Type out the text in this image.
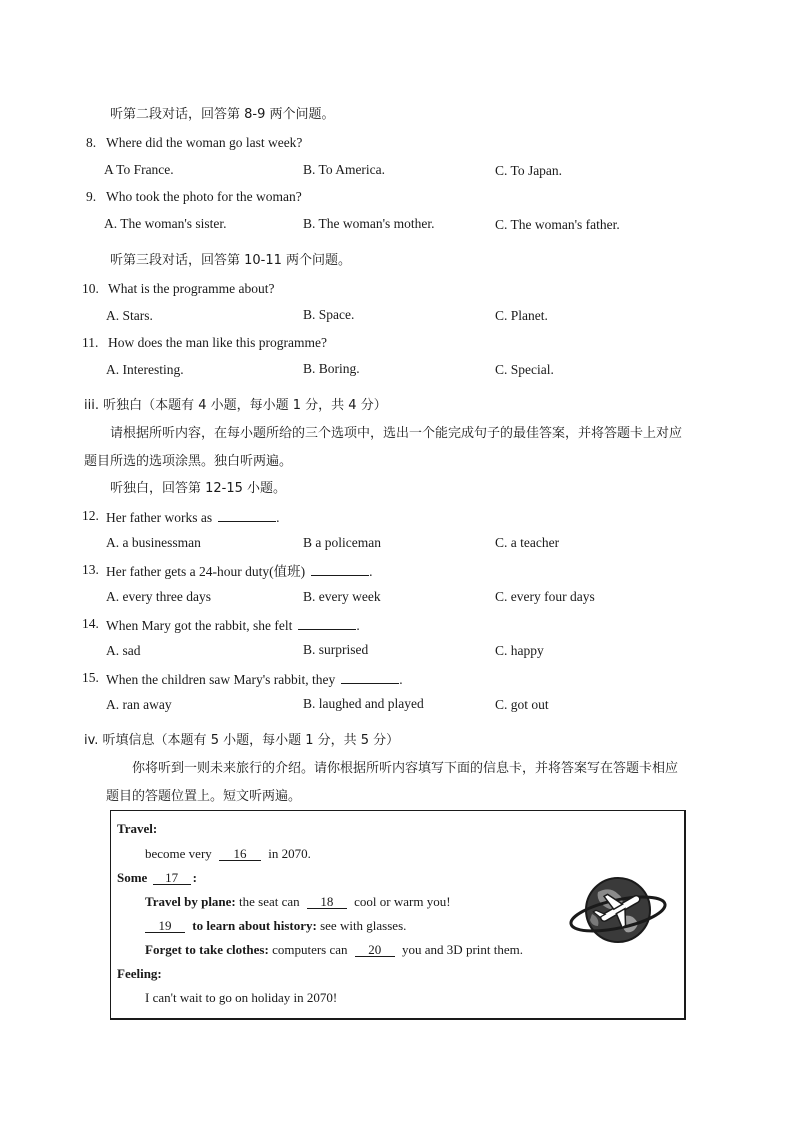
听第二段对话，回答第 8-9 两个问题。
8. Where did the woman go last week?
A To France.	B. To America.	C. To Japan.
9. Who took the photo for the woman?
A. The woman's sister.	B. The woman's mother.	C. The woman's father.
听第三段对话，回答第 10-11 两个问题。
10. What is the programme about?
A. Stars.	B. Space.	C. Planet.
11. How does the man like this programme?
A. Interesting.	B. Boring.	C. Special.
iii. 听独白（本题有 4 小题，每小题 1 分，共 4 分）
请根据所听内容，在每小题所给的三个选项中，选出一个能完成句子的最佳答案，并将答题卡上对应
题目所选的选项涂黑。独白听两遍。
听独白，回答第 12-15 小题。
12. Her father works as	.
A. a businessman	B a policeman	C. a teacher
13. Her father gets a 24-hour duty(值班)	.
A. every three days	B. every week	C. every four days
14. When Mary got the rabbit, she felt	.
A. sad	B. surprised	C. happy
15. When the children saw Mary's rabbit, they	.
A. ran away	B. laughed and played	C. got out
iv. 听填信息（本题有 5 小题，每小题 1 分，共 5 分）
你将听到一则未来旅行的介绍。请你根据所听内容填写下面的信息卡，并将答案写在答题卡相应
题目的答题位置上。短文听两遍。
Travel:
become very 16 in 2070.
Some 17 :
Travel by plane: the seat can 18 cool or warm you!
19 to learn about history: see with glasses.
Forget to take clothes: computers can 20 you and 3D print them.
Feeling:
I can't wait to go on holiday in 2070!
